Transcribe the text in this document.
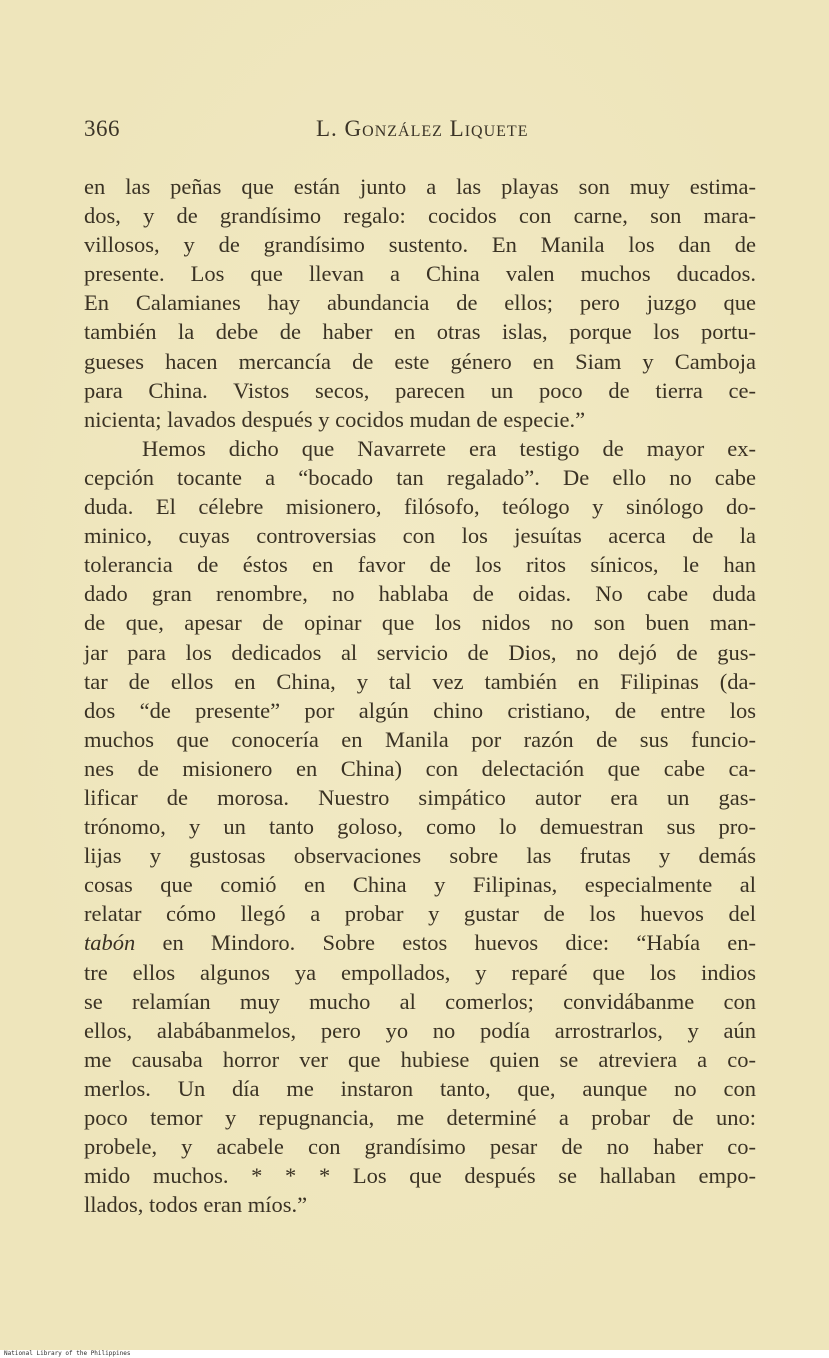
366	L. González Liquete
en las peñas que están junto a las playas son muy estima-
dos, y de grandísimo regalo: cocidos con carne, son mara-
villosos, y de grandísimo sustento. En Manila los dan de
presente. Los que llevan a China valen muchos ducados.
En Calamianes hay abundancia de ellos; pero juzgo que
también la debe de haber en otras islas, porque los portu-
gueses hacen mercancía de este género en Siam y Camboja
para China. Vistos secos, parecen un poco de tierra ce-
nicienta; lavados después y cocidos mudan de especie.”
Hemos dicho que Navarrete era testigo de mayor ex-
cepción tocante a “bocado tan regalado”. De ello no cabe
duda. El célebre misionero, filósofo, teólogo y sinólogo do-
minico, cuyas controversias con los jesuítas acerca de la
tolerancia de éstos en favor de los ritos sínicos, le han
dado gran renombre, no hablaba de oidas. No cabe duda
de que, apesar de opinar que los nidos no son buen man-
jar para los dedicados al servicio de Dios, no dejó de gus-
tar de ellos en China, y tal vez también en Filipinas (da-
dos “de presente” por algún chino cristiano, de entre los
muchos que conocería en Manila por razón de sus funcio-
nes de misionero en China) con delectación que cabe ca-
lificar de morosa. Nuestro simpático autor era un gas-
trónomo, y un tanto goloso, como lo demuestran sus pro-
lijas y gustosas observaciones sobre las frutas y demás
cosas que comió en China y Filipinas, especialmente al
relatar cómo llegó a probar y gustar de los huevos del
tabón en Mindoro. Sobre estos huevos dice: “Había en-
tre ellos algunos ya empollados, y reparé que los indios
se relamían muy mucho al comerlos; convidábanme con
ellos, alabábanmelos, pero yo no podía arrostrarlos, y aún
me causaba horror ver que hubiese quien se atreviera a co-
merlos. Un día me instaron tanto, que, aunque no con
poco temor y repugnancia, me determiné a probar de uno:
probele, y acabele con grandísimo pesar de no haber co-
mido muchos. * * * Los que después se hallaban empo-
llados, todos eran míos.”
National Library of the Philippines
